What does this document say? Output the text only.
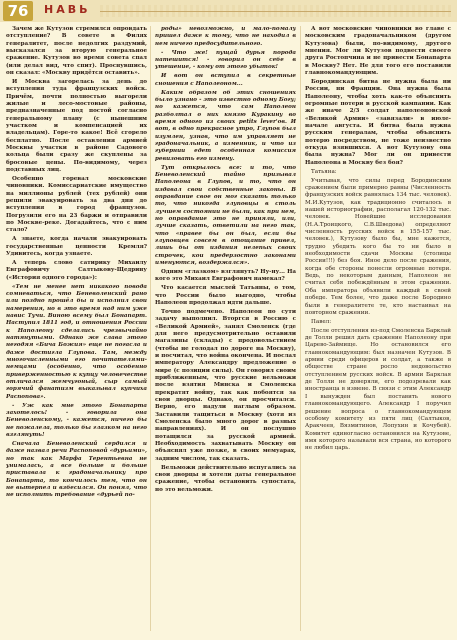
76	НАВЬ

Зачем же Кутузов стремился опровдать отступление? В совете в Филях генералитет, после недолгих раздумий, высказался за вторую генеральное сражение. Кутузов во время совета спал (или делал вид, что спит). Проснувшись, он сказал: «Москву придётся оставить».

И Москва загорелась за день до вступления туда французских войск. Причём, почти полностью выгорели жилые и лесо-мостовые районы, предназначенные под постой согласно генеральному плану (с нынешним участком и компенсацией их владельцам). Горе-то какое! Всё сгорело бесплатно. После оставления армией Москвы участки в районе Садового кольца были сразу же скуплены за бросовые цены. По-видимому, через подставных лиц.

Особенно горевал московские чиновники. Комиссариатские имущество на миллионы рублей (тех рублей) они решили эвакуировать за два дня до вступления в город французов. Погрузили его на 23 баржи и отправили по Москве-реке. Догадайтесь, что с ним стало?

А знаете, когда начали эвакуировать государственные ценности Кремля? Удивитесь, когда узнаете.

А теперь слово сатирику Михаилу Евграфовичу Салтыкову-Щедрину («История одного города»):

«Тем не менее нет никакого повода сомневаться, что Беневоленский рано или поздно прошёл бы и исполнил свои намерения, но в это время над ним уже навис Тучи. Виною всему был Бонапарт. Наступил 1811 год, и отношения России к Наполеону сделались чрезвычайно натянутыми. Однако же слава этого негодяя «Бича Божия» еще не погасла и даже достигла Глупова. Там, между многочисленными его почитателями-немцами (особенно, что особенно приверженностью к купцу человечестве отличался жемчугоный, сыр самый горячий фанатизм выказывал купчиха Распопова».

- Уж как мне этого Бонапарта захотелось! - говорила она Беневоленскому, - кажется, ничего бы не пожалела, только бы глазком на него взглянуть!

Сначала Беневоленский сердился и даже назвал речи Распоповой «дурьими», но так как Марфа Терентьевна не унималась, а все больше и больше приставала к градоначальнику про Бонапарта, то кончилось тем, что он не вытерпел и взбесился. Он понял, что не исполнить требование «дурьей по-

роды» невозможно, и мало-помалу пришел даже к тому, что не находил в нем ничего предосудительного.

- Что же! пущай дурья порода натешится! - говорил он себе в утешение, - кому от этого убыток!

И вот он вступил в секретные сношения с Наполеоном...

Каким образом об этих сношениях было узнано - это известно одному Богу; но кажется, что сам Наполеон разболтал о них князю Куракину во время одного из своих petits lever'ов. И вот, в одно прекрасное утро, Глупов был изумлен, узнав, что им управляет не градоначальник, а изменник, и что из губернии едет особенная комиссия ревизовать его измену.

Тут открылось все: и то, что Беневоленский тайно призывал Наполеона в Глупов, и то, что он издавал свои собственные законы. В оправдание свое он мог сказать только то, что никогда глуповцы в столь лучшем состоянии не были, как при нем, но оправдание это не приняли, или, лучше сказать, ответили на него так, что «правее бы он был, если бы глуповцев совсем в отощание привел, лишь бы от издания нелепых своих строчек, кои предерзостно законами именуются, воздержался».

Одним «глазком» взглянуть? Ну-ну... На кого это Михаил Евграфович намекал?

Что касается мыслей Татьяны, о том, что России было выгодно, чтобы Наполеон продолжал идти дальше.

Точно подмечено. Наполеон по сути задачу выполнил. Вторгся в Россию с «Великой Армией», занял Смоленск (где для него предусмотрительно оставили магазины (склады) с продовольствием (чтобы не голодал по дороге на Москву), и посчитал, что война окончена. И послал императору Александру предложение о мире (с позиции силы). Он говорил своим приближенным, что русские вельможи после взятия Минска и Смоленска прекратят войну, так как побоятся за свои дворцы. Однако, он просчитался. Верно, его надули наглым образом. Заставили тащиться в Москву (хотя из Смоленска было много дорог в разных направлениях). И он послушно потащился за русской армией. Необходимость захватывать Москву он объяснял уже позже, в своих мемуарах, задним числом, так сказать.

Вельможи действительно испугались за свои дворцы и хотели даты генеральное сражение, чтобы остановить супостата, но это вельможи.

А вот московские чиновники во главе с московским градоначальником (другом Кутузова) были, по-видимому, другого мнения. Мог ли Кутузов подвести своего друга Ростопчина и не привести Бонапарта в Москву? Нет. Не для того его поставили главнокомандующим.

Бородинская битва не нужна была ни России, ни Франции. Она нужна была Наполеону, чтобы хоть как-то объяснить огромные потери в русской кампании. Как же иначе 2/3 солдат наполеоновской «Великой Армии» «завязали» в июле-начале августа. И битва была нужна русским генералам, чтобы объяснить потерю посредством, не тоже неизвестно откуда взявшихся. А вот Кутузову она была нужна? Мог ли он привести Наполеона в Москву без боя?

Татьяна:

Учитывая, что силы перед Бородинским сражением были примерно равны (Численность французских войск равнялась 134 тыс. человек). М.И.Кутузов, как традиционно считалось в нашей историографии, располагал 120-132 тыс. человек. Новейшие исследования (Н.А.Троицкого, С.В.Шведова) определяют численность русских войск в 155-157 тыс. человек.), Кутузову было бы, мне кажется, трудно убедить кого бы то ни было в необходимости сдачи Москвы (столицы России!!!) без боя. Иное дело после сражения, когда обе стороны понесли огромные потери. Ведь, по некоторым данным, Наполеон не считал себя побеждённым в этом сражении. Оба императора объявили каждый в своей победе. Тем более, что даже после Бородино были в генералитете те, кто настаивал на повторном сражении.

Павел:

После отступления из-под Смоленска Барклай де Толли решил дать сражение Наполеону при Царево-Займище. Но остановился его главнокомандующим: был назначен Кутузов. В армии среди офицеров и солдат, а также в обществе стране росло недовольство отступлением русских войск. В армии Барклая де Толли не доверяли, его подозревали как иностранца в измене. В связи с этим Александр I вынужден был поставить нового главнокомандующего. Александр I поручил решение вопроса о главнокомандующем особому комитету из пяти лиц (Салтыков, Аракчеев, Вязмитинов, Лопухин и Кочубей). Комитет единогласно остановился на Кутузове, имя которого называли вся страна, но которого не любил царь.
